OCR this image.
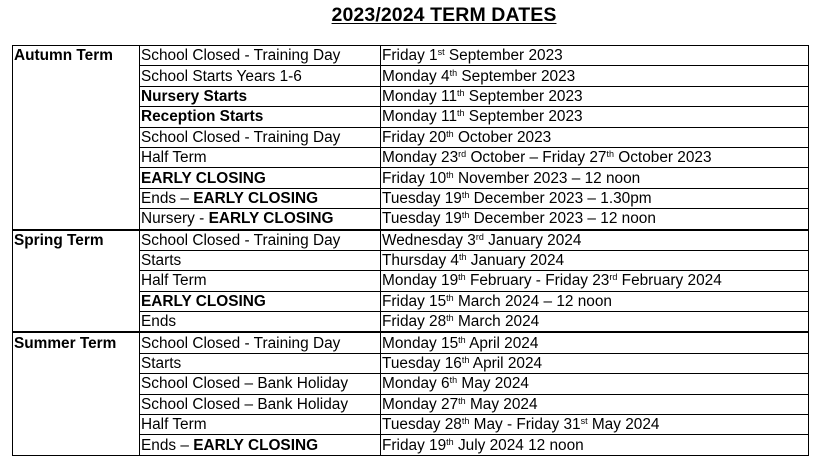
2023/2024 TERM DATES
Autumn Term	School Closed - Training Day	Friday 1st September 2023
	School Starts Years 1-6	Monday 4th September 2023
	Nursery Starts	Monday 11th September 2023
	Reception Starts	Monday 11th September 2023
	School Closed - Training Day	Friday 20th October 2023
	Half Term	Monday 23rd October – Friday 27th October 2023
	EARLY CLOSING	Friday 10th November 2023 – 12 noon
	Ends – EARLY CLOSING	Tuesday 19th December 2023 – 1.30pm
	Nursery - EARLY CLOSING	Tuesday 19th December 2023 – 12 noon
Spring Term	School Closed - Training Day	Wednesday 3rd January 2024
	Starts	Thursday 4th January 2024
	Half Term	Monday 19th February - Friday 23rd February 2024
	EARLY CLOSING	Friday 15th March 2024 – 12 noon
	Ends	Friday 28th March 2024
Summer Term	School Closed - Training Day	Monday 15th April 2024
	Starts	Tuesday 16th April 2024
	School Closed – Bank Holiday	Monday 6th May 2024
	School Closed – Bank Holiday	Monday 27th May 2024
	Half Term	Tuesday 28th May - Friday 31st May 2024
	Ends – EARLY CLOSING	Friday 19th July 2024 12 noon
